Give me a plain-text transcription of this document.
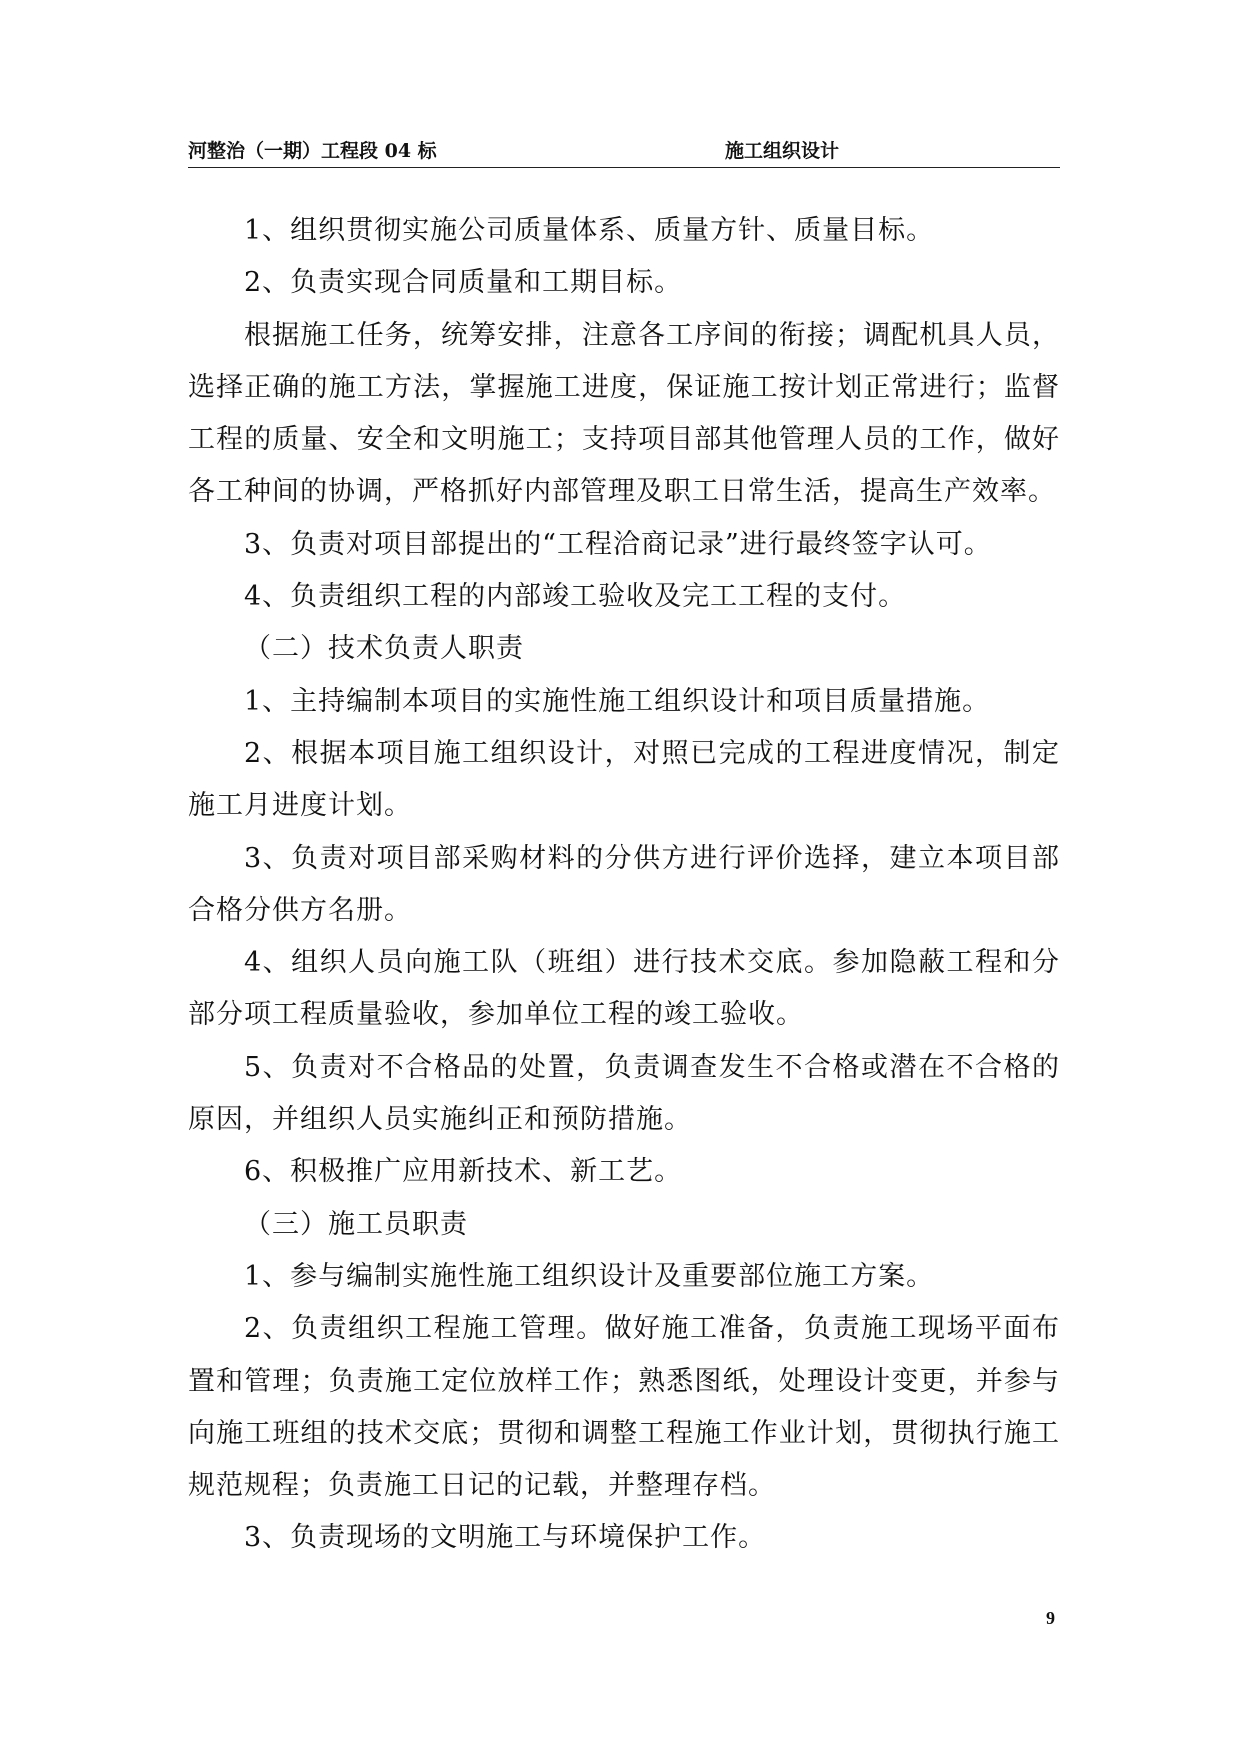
河整治（一期）工程段 04 标	施工组织设计

1、组织贯彻实施公司质量体系、质量方针、质量目标。

2、负责实现合同质量和工期目标。

根据施工任务，统筹安排，注意各工序间的衔接；调配机具人员，选择正确的施工方法，掌握施工进度，保证施工按计划正常进行；监督工程的质量、安全和文明施工；支持项目部其他管理人员的工作，做好各工种间的协调，严格抓好内部管理及职工日常生活，提高生产效率。

3、负责对项目部提出的“工程洽商记录”进行最终签字认可。

4、负责组织工程的内部竣工验收及完工工程的支付。

（二）技术负责人职责

1、主持编制本项目的实施性施工组织设计和项目质量措施。

2、根据本项目施工组织设计，对照已完成的工程进度情况，制定施工月进度计划。

3、负责对项目部采购材料的分供方进行评价选择，建立本项目部合格分供方名册。

4、组织人员向施工队（班组）进行技术交底。参加隐蔽工程和分部分项工程质量验收，参加单位工程的竣工验收。

5、负责对不合格品的处置，负责调查发生不合格或潜在不合格的原因，并组织人员实施纠正和预防措施。

6、积极推广应用新技术、新工艺。

（三）施工员职责

1、参与编制实施性施工组织设计及重要部位施工方案。

2、负责组织工程施工管理。做好施工准备，负责施工现场平面布置和管理；负责施工定位放样工作；熟悉图纸，处理设计变更，并参与向施工班组的技术交底；贯彻和调整工程施工作业计划，贯彻执行施工规范规程；负责施工日记的记载，并整理存档。

3、负责现场的文明施工与环境保护工作。

9
